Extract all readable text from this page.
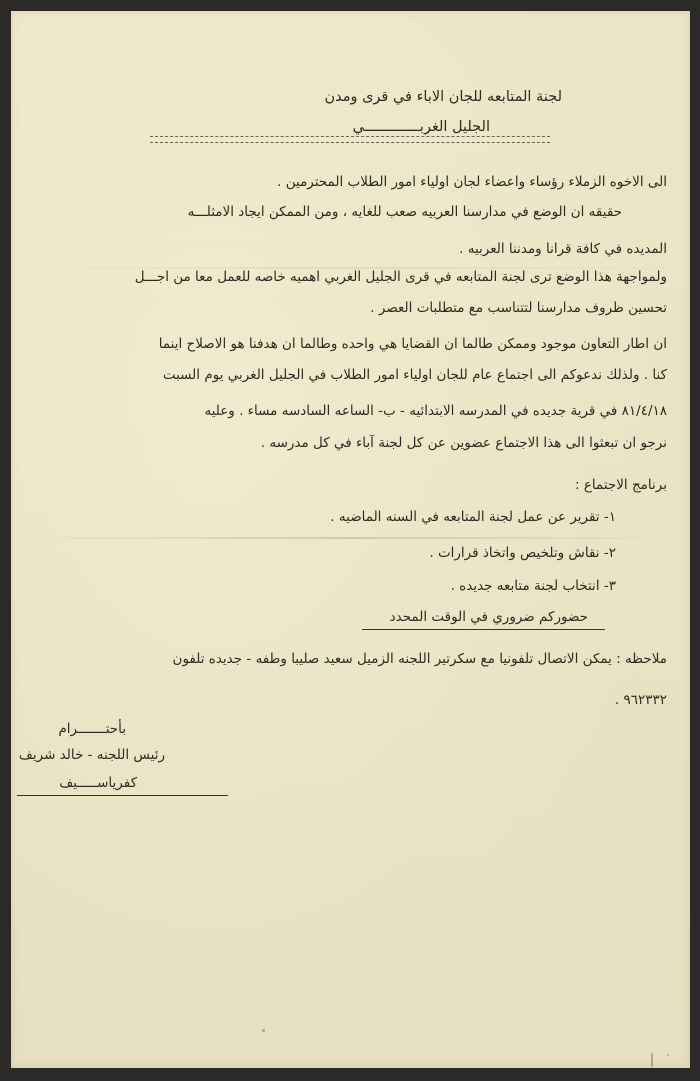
لجنة المتابعه للجان الاباء في قرى ومدن
الجليل الغربـــــــــــــي
الى الاخوه الزملاء رؤساء واعضاء لجان اولياء امور الطلاب المحترمين .
حقيقه ان الوضع في مدارسنا العربيه صعب للغايه ، ومن الممكن ايجاد الامثلـــه
المديده في كافة قرانا ومدننا العربيه .
ولمواجهة هذا الوضع ترى لجنة المتابعه في قرى الجليل الغربي اهميه خاصه للعمل معا من اجـــل
تحسين ظروف مدارسنا لتتناسب مع متطلبات العصر .
ان اطار التعاون موجود وممكن طالما ان القضايا هي واحده وطالما ان هدفنا هو الاصلاح اينما
كنا . ولذلك ندعوكم الى اجتماع عام للجان اولياء امور الطلاب في الجليل الغربي يوم السبت
٨١/٤/١٨ في قرية جديده في المدرسه الابتدائيه - ب- الساعه السادسه مساء . وعليه
نرجو ان تبعثوا الى هذا الاجتماع عضوين عن كل لجنة آباء في كل مدرسه .
برنامج الاجتماع :
١- تقرير عن عمل لجنة المتابعه في السنه الماضيه .
٢- نقاش وتلخيص واتخاذ قرارات .
٣- انتخاب لجنة متابعه جديده .
حضوركم ضروري في الوقت المحدد
ملاحظه : يمكن الاتصال تلفونيا مع سكرتير اللجنه الزميل سعيد صليبا وطفه - جديده تلفون
٩٦٢٣٣٢ .
بأحتـــــــرام
رئيس اللجنه - خالد شريف
كفرياســـــيف
